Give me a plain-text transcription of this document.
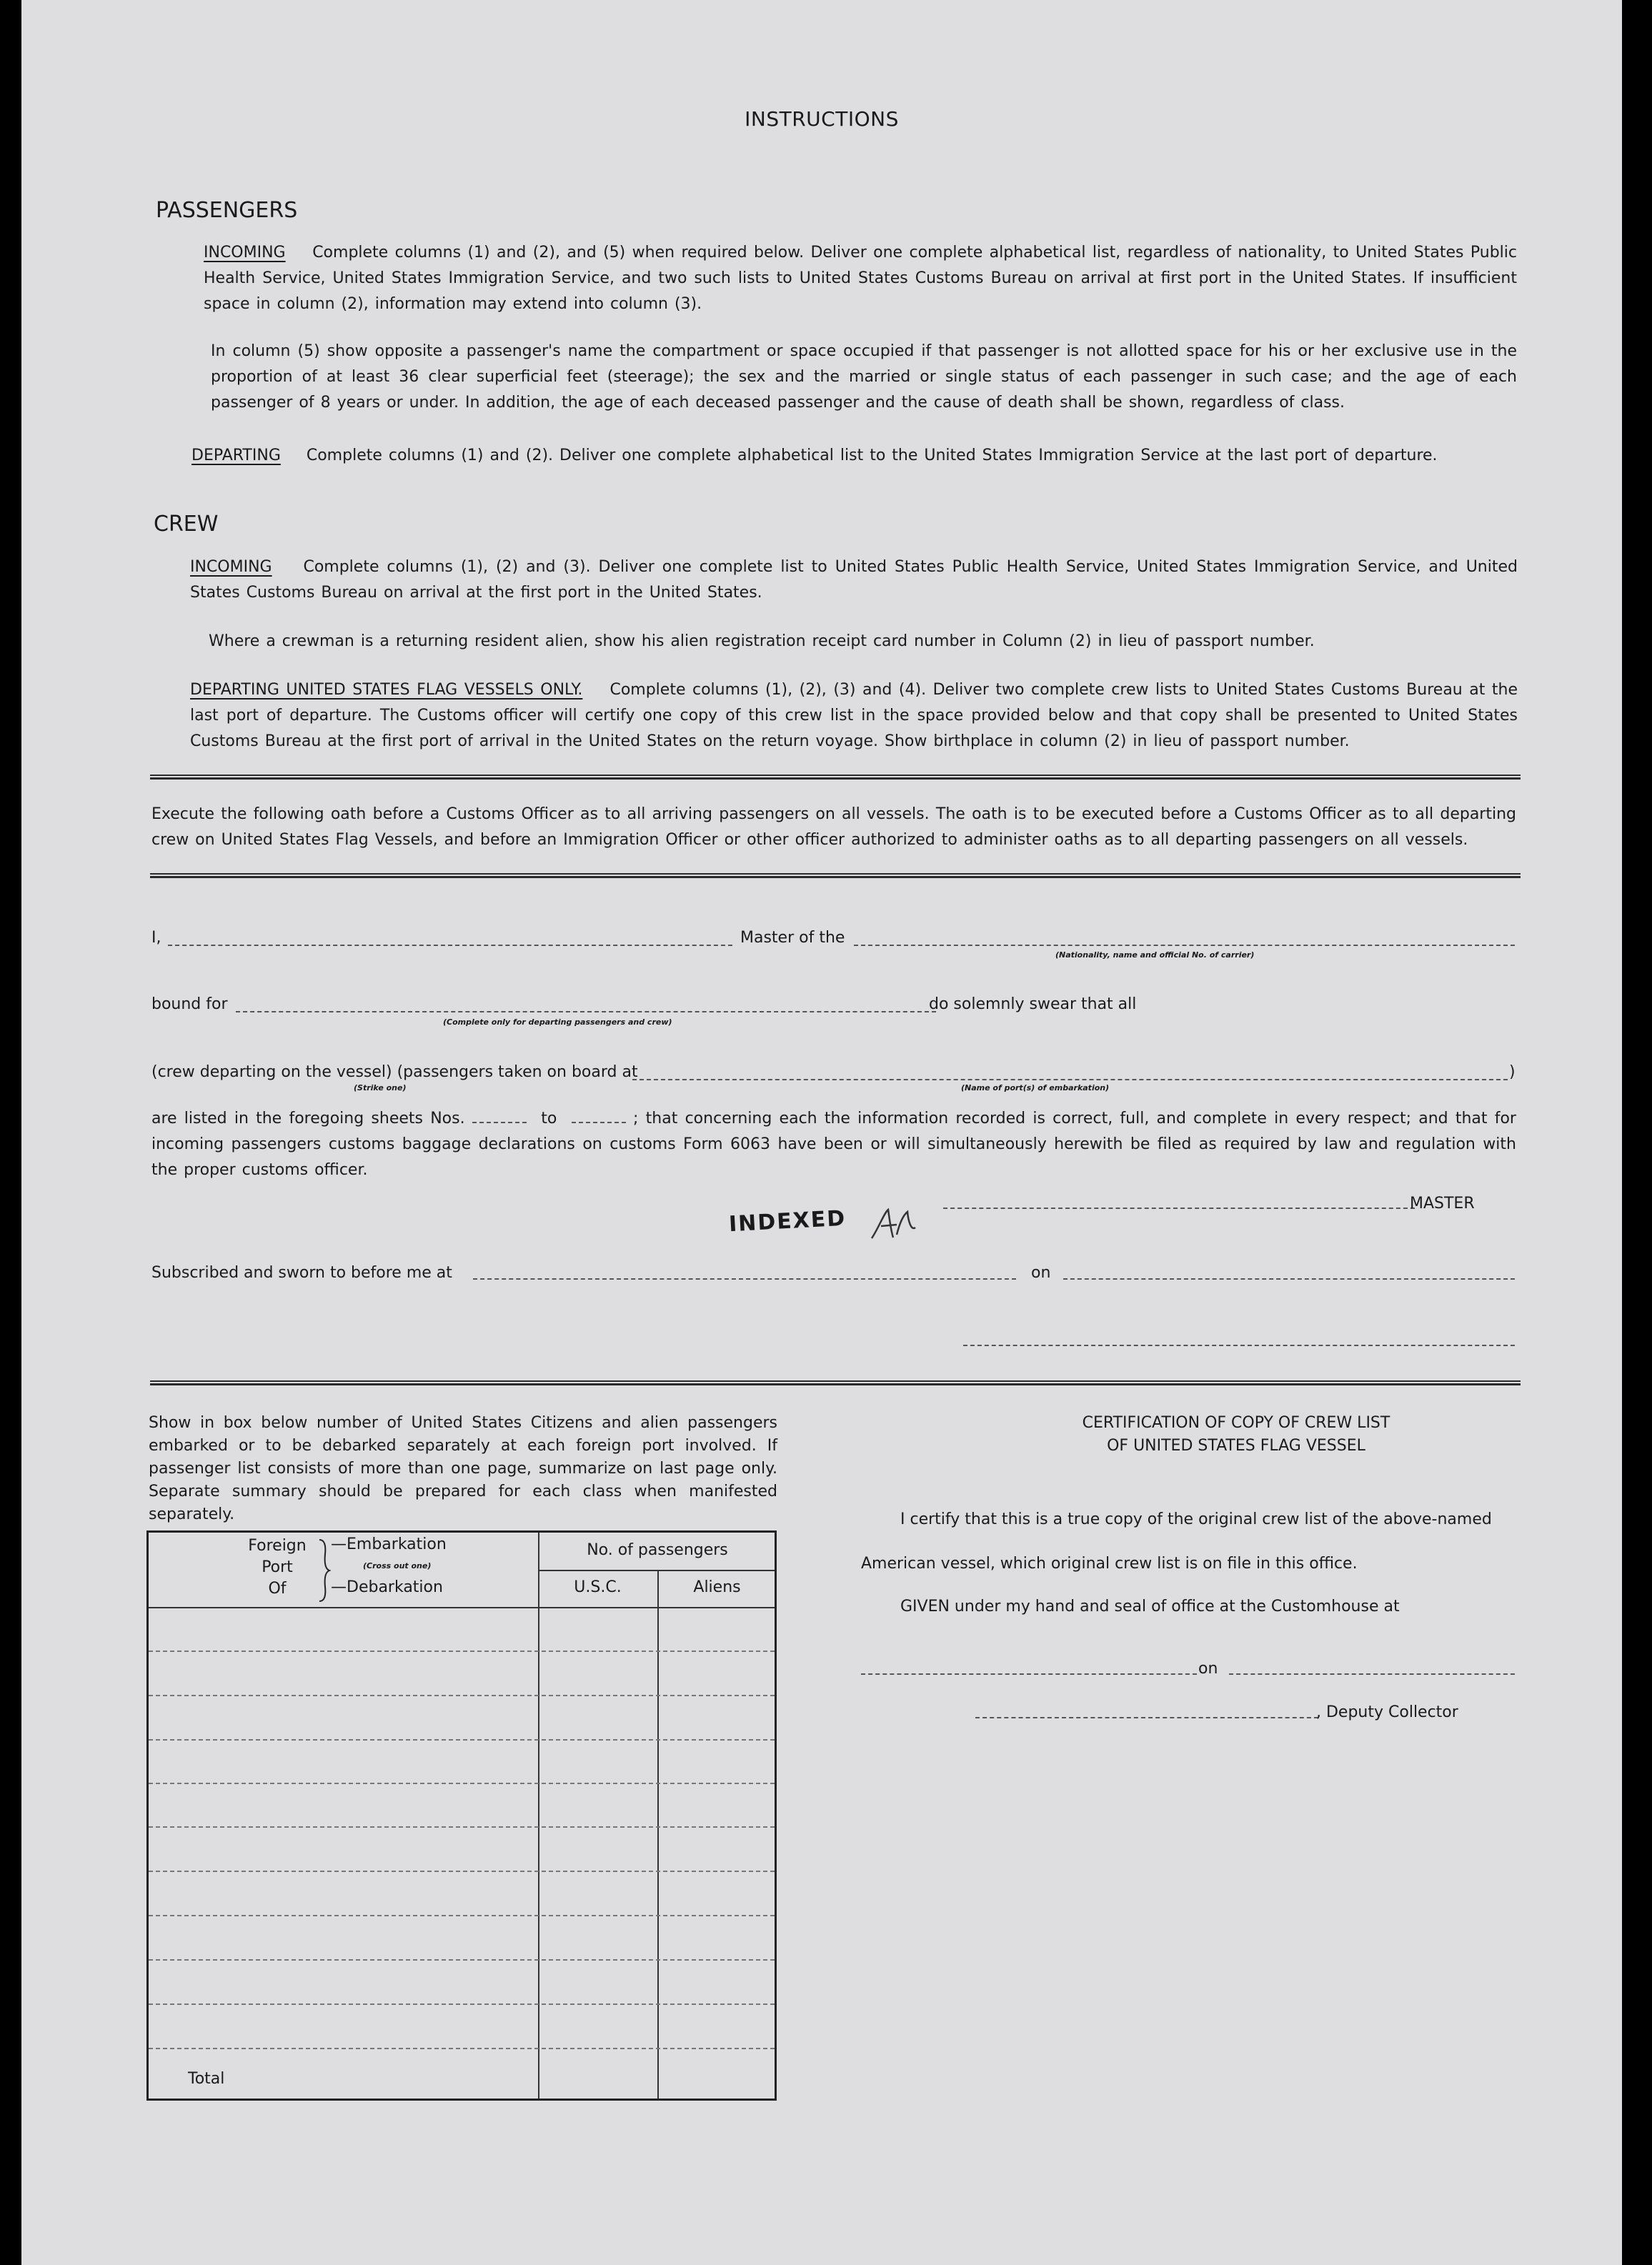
INSTRUCTIONS
PASSENGERS
INCOMING Complete columns (1) and (2), and (5) when required below. Deliver one complete alphabetical list, regardless of nationality, to United States Public Health Service, United States Immigration Service, and two such lists to United States Customs Bureau on arrival at first port in the United States. If insufficient space in column (2), information may extend into column (3).
In column (5) show opposite a passenger's name the compartment or space occupied if that passenger is not allotted space for his or her exclusive use in the proportion of at least 36 clear superficial feet (steerage); the sex and the married or single status of each passenger in such case; and the age of each passenger of 8 years or under. In addition, the age of each deceased passenger and the cause of death shall be shown, regardless of class.
DEPARTING Complete columns (1) and (2). Deliver one complete alphabetical list to the United States Immigration Service at the last port of departure.
CREW
INCOMING Complete columns (1), (2) and (3). Deliver one complete list to United States Public Health Service, United States Immigration Service, and United States Customs Bureau on arrival at the first port in the United States.
Where a crewman is a returning resident alien, show his alien registration receipt card number in Column (2) in lieu of passport number.
DEPARTING UNITED STATES FLAG VESSELS ONLY. Complete columns (1), (2), (3) and (4). Deliver two complete crew lists to United States Customs Bureau at the last port of departure. The Customs officer will certify one copy of this crew list in the space provided below and that copy shall be presented to United States Customs Bureau at the first port of arrival in the United States on the return voyage. Show birthplace in column (2) in lieu of passport number.
Execute the following oath before a Customs Officer as to all arriving passengers on all vessels. The oath is to be executed before a Customs Officer as to all departing crew on United States Flag Vessels, and before an Immigration Officer or other officer authorized to administer oaths as to all departing passengers on all vessels.
I,	Master of the
(Nationality, name and official No. of carrier)
bound for
(Complete only for departing passengers and crew)
do solemnly swear that all
(crew departing on the vessel) (passengers taken on board at	)
(Strike one)	(Name of port(s) of embarkation)
are listed in the foregoing sheets Nos.	to	; that concerning each the information recorded is correct, full, and complete in every respect; and that for incoming passengers customs baggage declarations on customs Form 6063 have been or will simultaneously herewith be filed as required by law and regulation with the proper customs officer.
MASTER
INDEXED
Subscribed and sworn to before me at	on
Show in box below number of United States Citizens and alien passengers embarked or to be debarked separately at each foreign port involved. If passenger list consists of more than one page, summarize on last page only. Separate summary should be prepared for each class when manifested separately.
Foreign
Port
Of
—Embarkation
(Cross out one)
—Debarkation
No. of passengers
U.S.C.	Aliens
Total
CERTIFICATION OF COPY OF CREW LIST
OF UNITED STATES FLAG VESSEL
I certify that this is a true copy of the original crew list of the above-named
American vessel, which original crew list is on file in this office.
GIVEN under my hand and seal of office at the Customhouse at
on
, Deputy Collector
